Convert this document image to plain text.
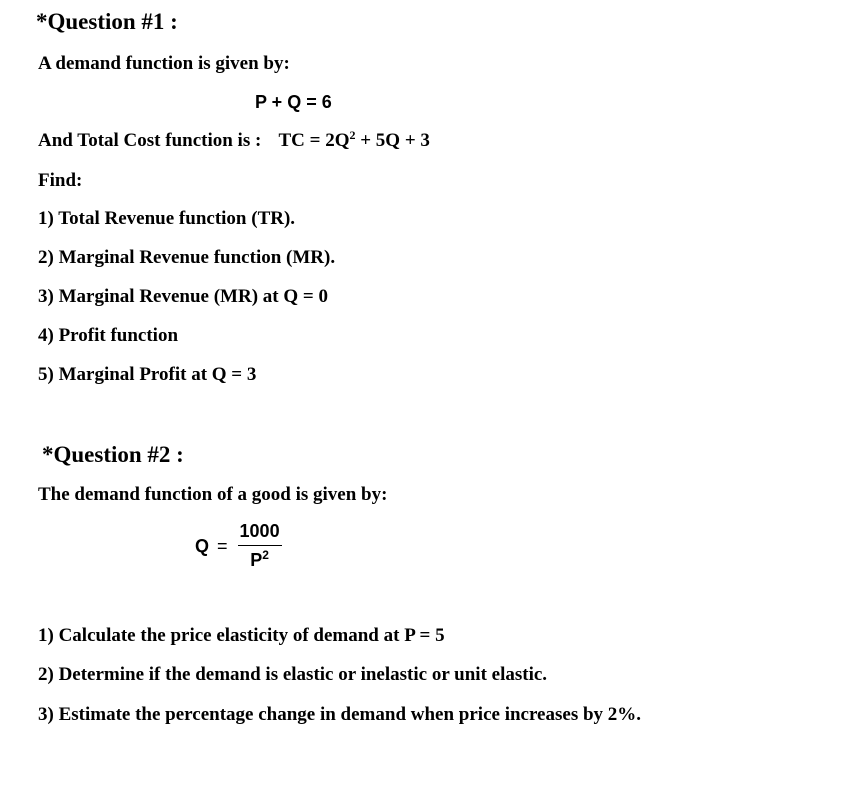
*Question #1 :
A demand function is given by:
P + Q = 6
And Total Cost function is : TC = $2Q^2 + 5Q + 3$
Find:
1) Total Revenue function (TR).
2) Marginal Revenue function (MR).
3) Marginal Revenue (MR) at Q = 0
4) Profit function
5) Marginal Profit at Q = 3
*Question #2 :
The demand function of a good is given by:
$Q = \frac{1000}{P^2}$
1) Calculate the price elasticity of demand at P = 5
2) Determine if the demand is elastic or inelastic or unit elastic.
3) Estimate the percentage change in demand when price increases by 2%.
